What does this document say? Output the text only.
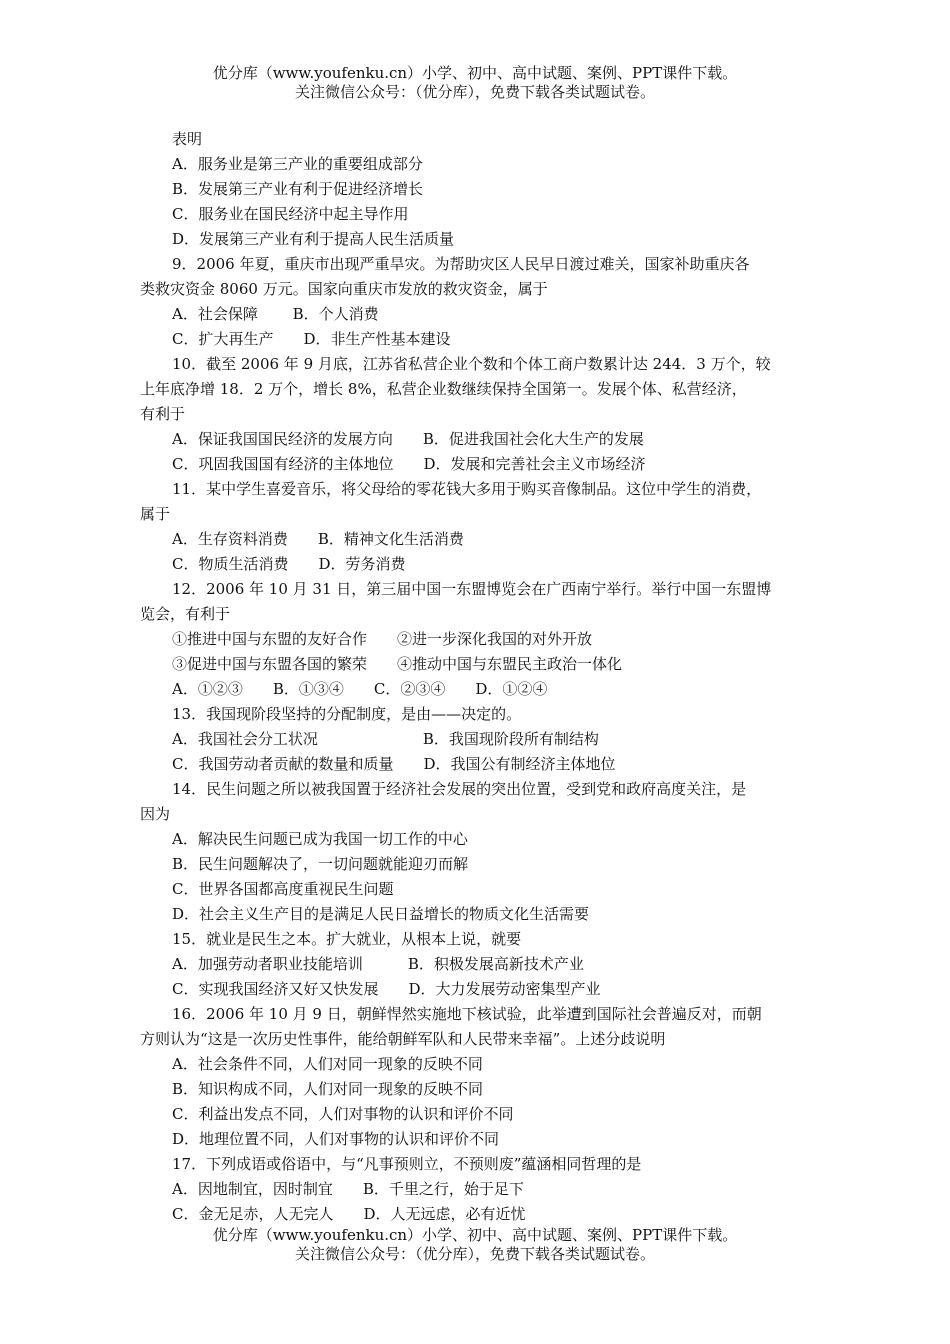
优分库（www.youfenku.cn）小学、初中、高中试题、案例、PPT课件下载。
关注微信公众号：（优分库），免费下载各类试题试卷。
表明
A．服务业是第三产业的重要组成部分
B．发展第三产业有利于促进经济增长
C．服务业在国民经济中起主导作用
D．发展第三产业有利于提高人民生活质量
9．2006 年夏，重庆市出现严重旱灾。为帮助灾区人民早日渡过难关，国家补助重庆各
类救灾资金 8060 万元。国家向重庆市发放的救灾资金，属于
A．社会保障　　 B．个人消费
C．扩大再生产　　D．非生产性基本建设
10．截至 2006 年 9 月底，江苏省私营企业个数和个体工商户数累计达 244．3 万个，较
上年底净增 18．2 万个，增长 8%，私营企业数继续保持全国第一。发展个体、私营经济，
有利于
A．保证我国国民经济的发展方向　　B．促进我国社会化大生产的发展
C．巩固我国国有经济的主体地位　　D．发展和完善社会主义市场经济
11．某中学生喜爱音乐，将父母给的零花钱大多用于购买音像制品。这位中学生的消费，
属于
A．生存资料消费　　B．精神文化生活消费
C．物质生活消费　　D．劳务消费
12．2006 年 10 月 31 日，第三届中国一东盟博览会在广西南宁举行。举行中国一东盟博
览会，有利于
①推进中国与东盟的友好合作　　②进一步深化我国的对外开放
③促进中国与东盟各国的繁荣　　④推动中国与东盟民主政治一体化
A．①②③　　B．①③④　　C．②③④　　D．①②④
13．我国现阶段坚持的分配制度，是由——决定的。
A．我国社会分工状况　　　　　　　B．我国现阶段所有制结构
C．我国劳动者贡献的数量和质量　　D．我国公有制经济主体地位
14．民生问题之所以被我国置于经济社会发展的突出位置，受到党和政府高度关注，是
因为
A．解决民生问题已成为我国一切工作的中心
B．民生问题解决了，一切问题就能迎刃而解
C．世界各国都高度重视民生问题
D．社会主义生产目的是满足人民日益增长的物质文化生活需要
15．就业是民生之本。扩大就业，从根本上说，就要
A．加强劳动者职业技能培训　　　B．积极发展高新技术产业
C．实现我国经济又好又快发展　　D．大力发展劳动密集型产业
16．2006 年 10 月 9 日，朝鲜悍然实施地下核试验，此举遭到国际社会普遍反对，而朝
方则认为“这是一次历史性事件，能给朝鲜军队和人民带来幸福”。上述分歧说明
A．社会条件不同，人们对同一现象的反映不同
B．知识构成不同，人们对同一现象的反映不同
C．利益出发点不同，人们对事物的认识和评价不同
D．地理位置不同，人们对事物的认识和评价不同
17．下列成语或俗语中，与“凡事预则立，不预则废”蕴涵相同哲理的是
A．因地制宜，因时制宜　　B．千里之行，始于足下
C．金无足赤，人无完人　　D．人无远虑，必有近忧
优分库（www.youfenku.cn）小学、初中、高中试题、案例、PPT课件下载。
关注微信公众号：（优分库），免费下载各类试题试卷。
